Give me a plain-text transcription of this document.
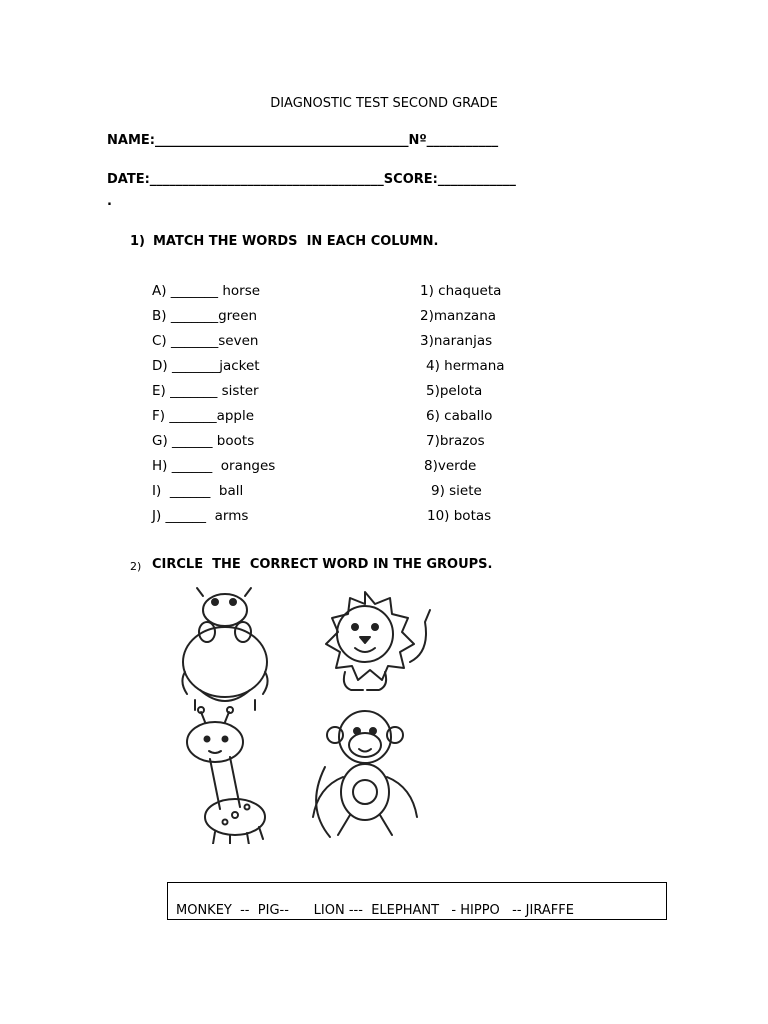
DIAGNOSTIC TEST SECOND GRADE
NAME:_______________________________________Nº___________
DATE:____________________________________SCORE:____________
.
1) MATCH THE WORDS  IN EACH COLUMN.
A) _______ horse
B) _______green
C) _______seven
D) _______jacket
E) _______ sister
F) _______apple
G) ______ boots
H) ______  oranges
I)  ______  ball
J) ______  arms
1) chaqueta
2)manzana
3)naranjas
4) hermana
5)pelota
6) caballo
7)brazos
8)verde
9) siete
10) botas
2) CIRCLE  THE  CORRECT WORD IN THE GROUPS.
MONKEY  --  PIG--      LION ---  ELEPHANT   - HIPPO   -- JIRAFFE
